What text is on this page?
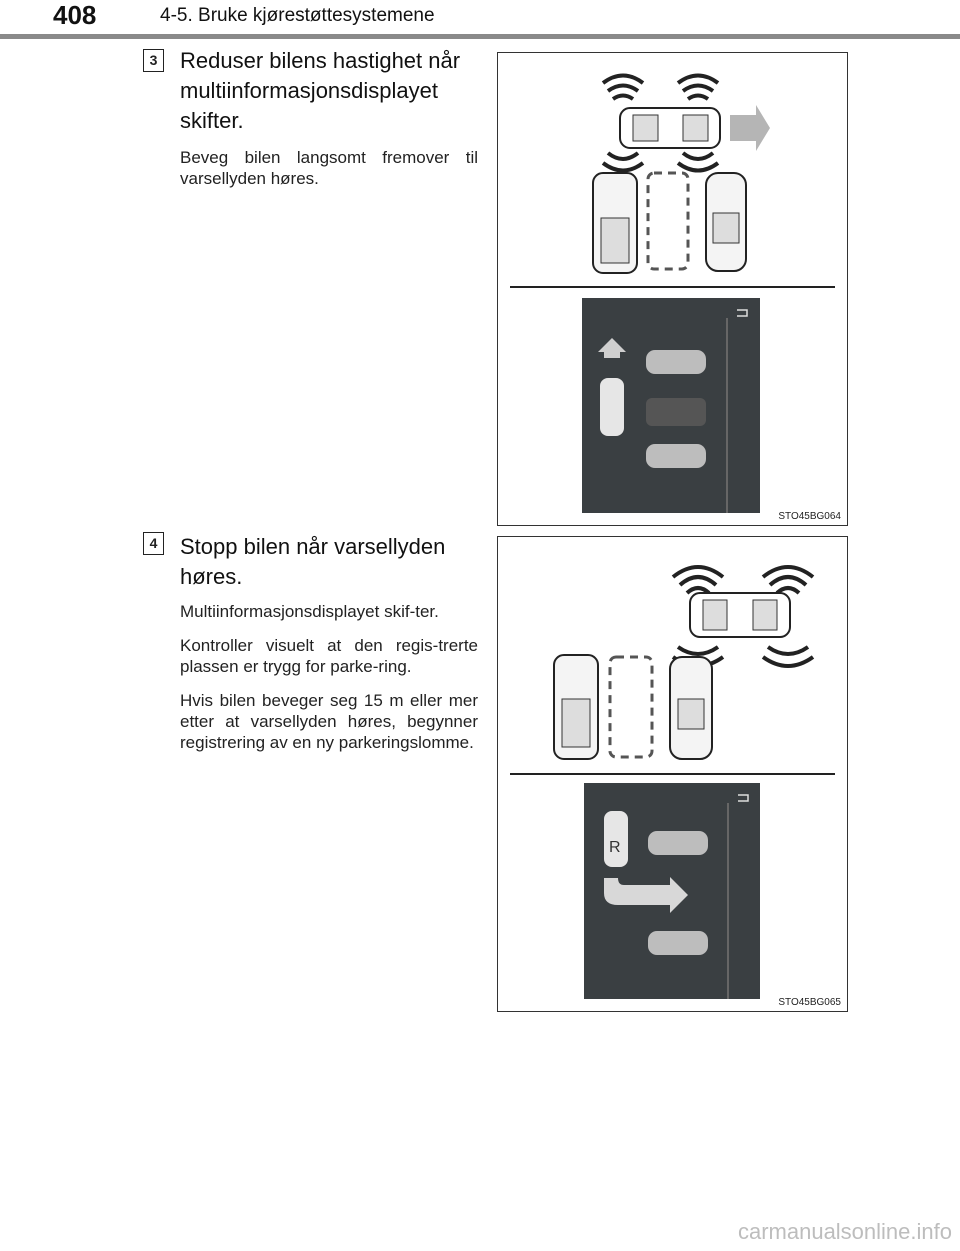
408	4-5. Bruke kjørestøttesystemene
3	Reduser bilens hastighet når multiinformasjonsdisplayet skifter.

Beveg bilen langsomt fremover til varsellyden høres.

STO45BG064
4	Stopp bilen når varsellyden høres.

Multiinformasjonsdisplayet skif-ter.

Kontroller visuelt at den regis-trerte plassen er trygg for parke-ring.

Hvis bilen beveger seg 15 m eller mer etter at varsellyden høres, begynner registrering av en ny parkeringslomme.

R
STO45BG065
carmanualsonline.info
